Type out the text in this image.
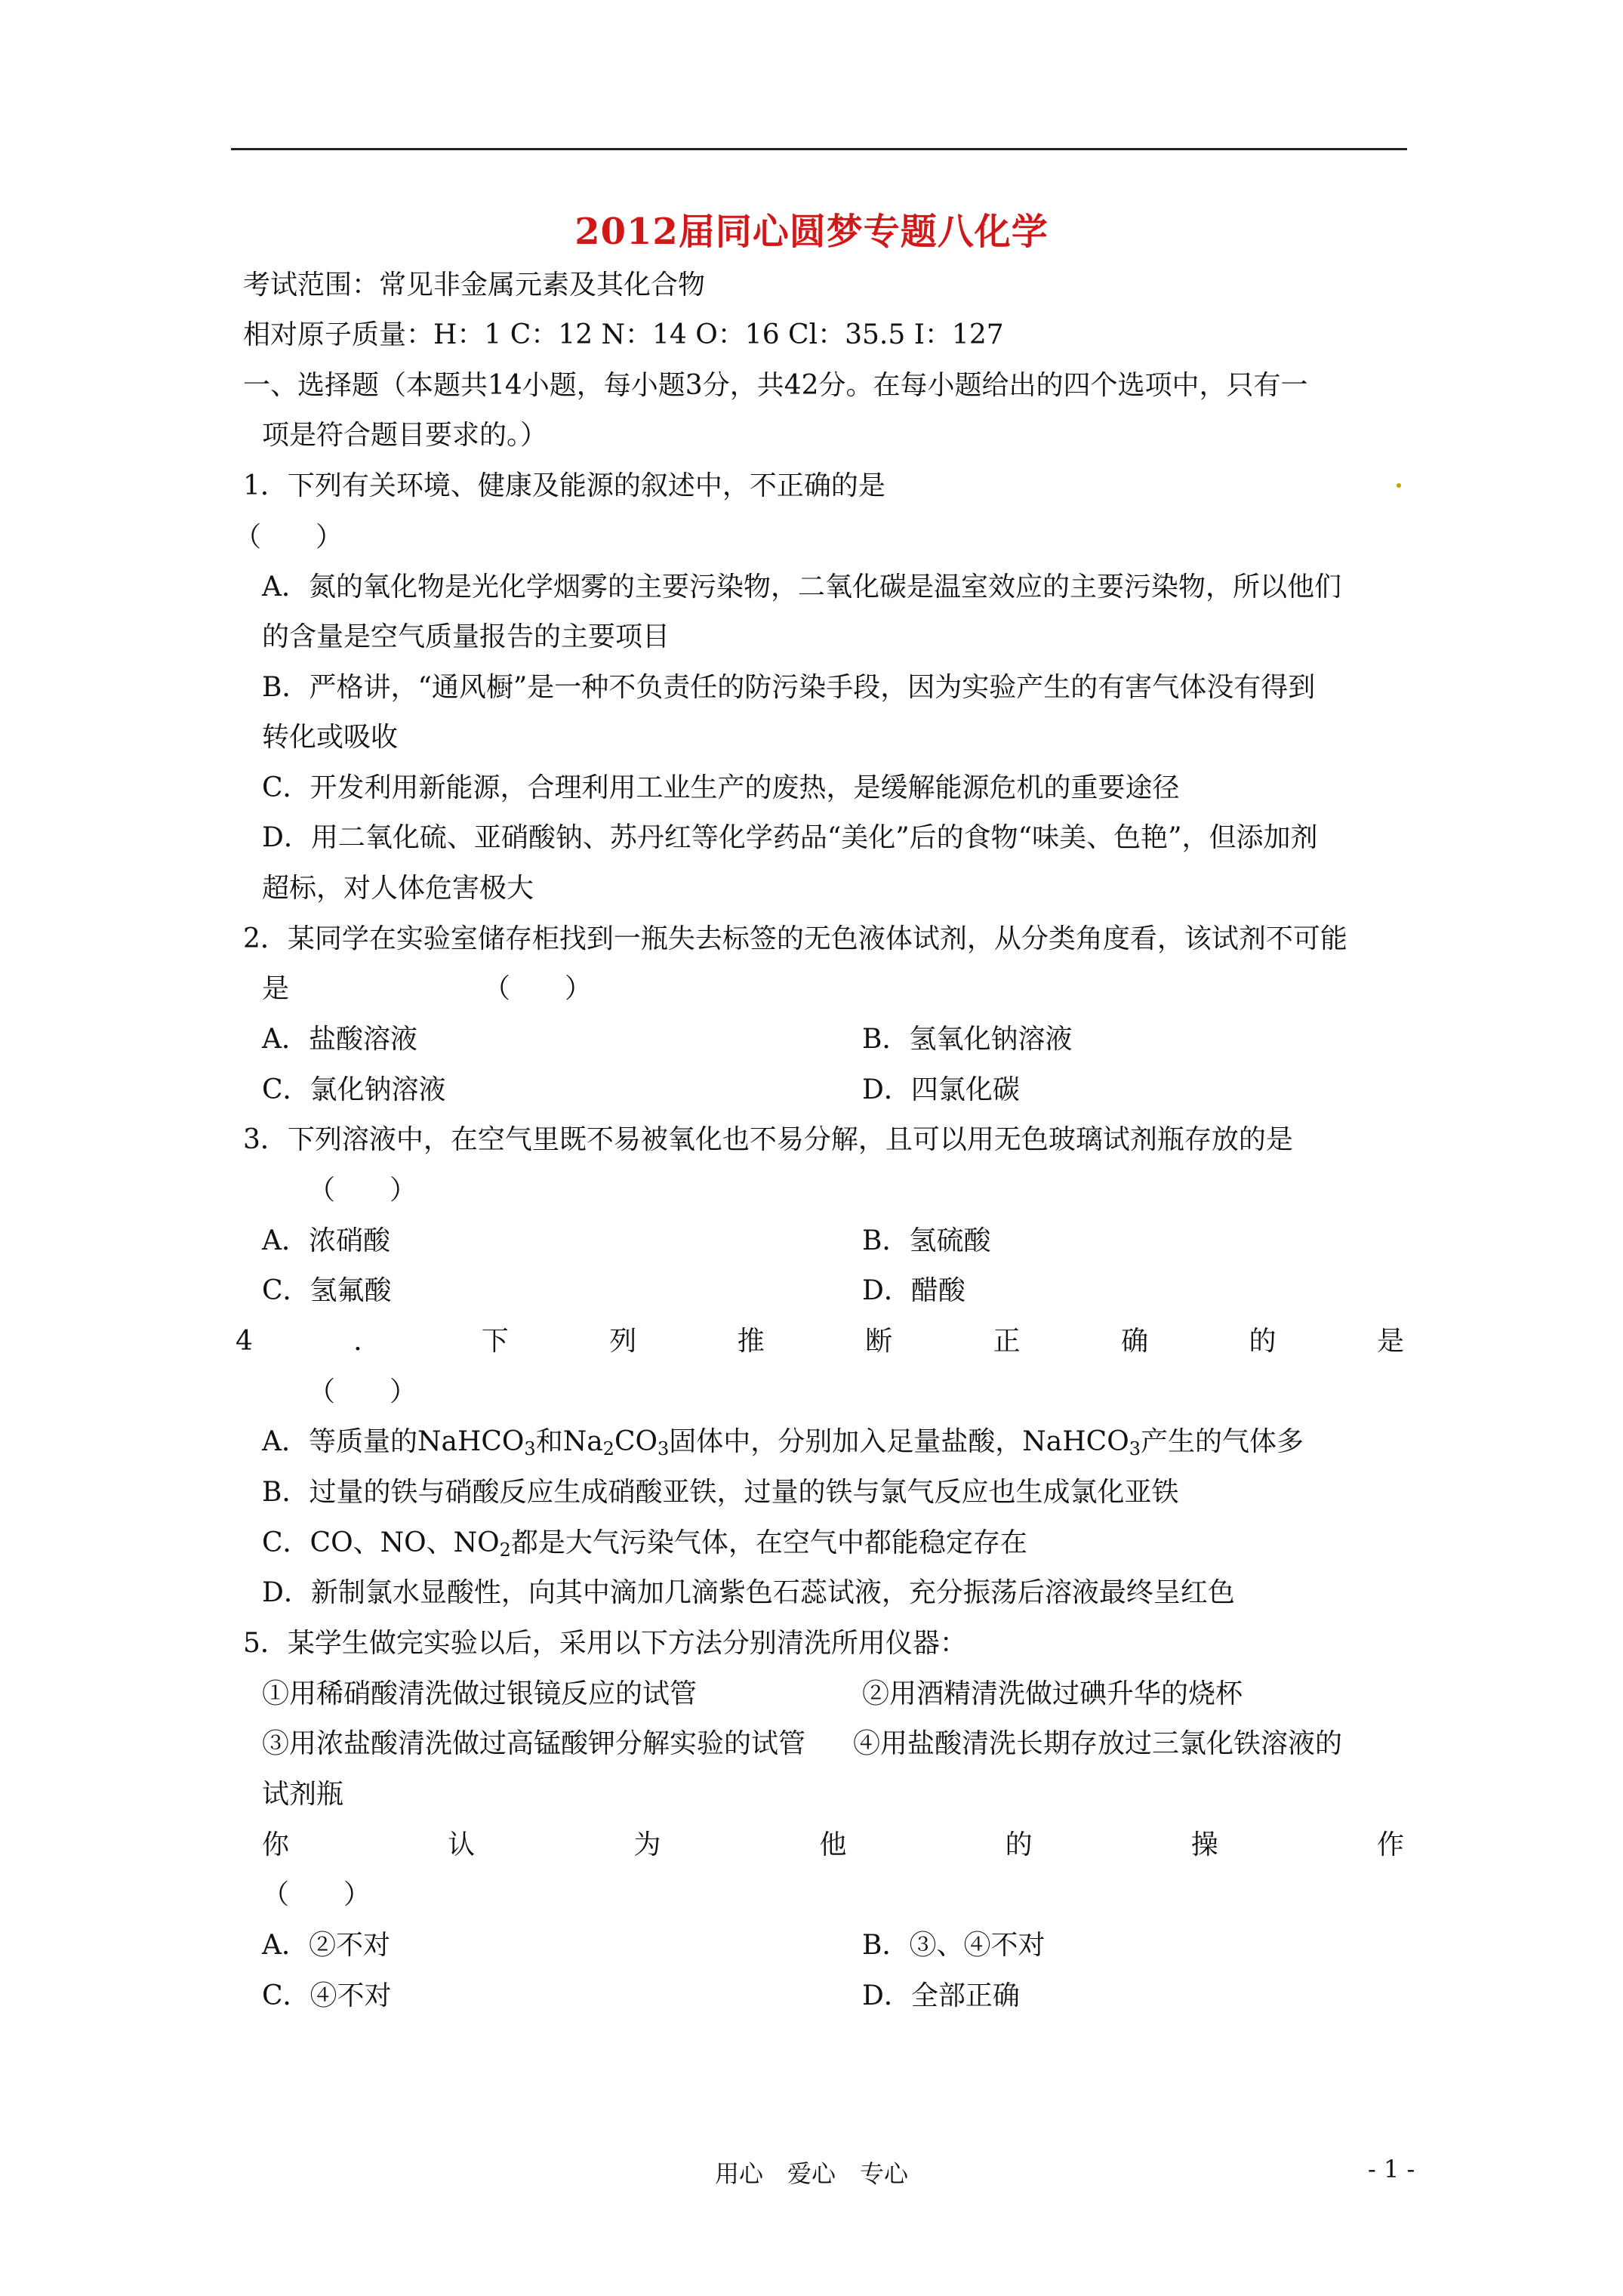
2012届同心圆梦专题八化学
考试范围：常见非金属元素及其化合物
相对原子质量：H：1 C：12 N：14 O：16 Cl：35.5 I：127
一、选择题（本题共14小题，每小题3分，共42分。在每小题给出的四个选项中，只有一
项是符合题目要求的。）
1．下列有关环境、健康及能源的叙述中，不正确的是
（　　）
A．氮的氧化物是光化学烟雾的主要污染物，二氧化碳是温室效应的主要污染物，所以他们
的含量是空气质量报告的主要项目
B．严格讲，“通风橱”是一种不负责任的防污染手段，因为实验产生的有害气体没有得到
转化或吸收
C．开发利用新能源，合理利用工业生产的废热，是缓解能源危机的重要途径
D．用二氧化硫、亚硝酸钠、苏丹红等化学药品“美化”后的食物“味美、色艳”，但添加剂
超标，对人体危害极大
2．某同学在实验室储存柜找到一瓶失去标签的无色液体试剂，从分类角度看，该试剂不可能
是	（　　）
A．盐酸溶液	B．氢氧化钠溶液
C．氯化钠溶液	D．四氯化碳
3．下列溶液中，在空气里既不易被氧化也不易分解，且可以用无色玻璃试剂瓶存放的是
（　　）
A．浓硝酸	B．氢硫酸
C．氢氟酸	D．醋酸
4	．	下	列	推	断	正	确	的	是
（　　）
A．等质量的NaHCO$_3$和$Na_2CO_3$固体中，分别加入足量盐酸，NaHCO$_3$产生的气体多
B．过量的铁与硝酸反应生成硝酸亚铁，过量的铁与氯气反应也生成氯化亚铁
C．CO、NO、$NO_2$都是大气污染气体，在空气中都能稳定存在
D．新制氯水显酸性，向其中滴加几滴紫色石蕊试液，充分振荡后溶液最终呈红色
5．某学生做完实验以后，采用以下方法分别清洗所用仪器：
①用稀硝酸清洗做过银镜反应的试管	②用酒精清洗做过碘升华的烧杯
③用浓盐酸清洗做过高锰酸钾分解实验的试管 ④用盐酸清洗长期存放过三氯化铁溶液的
试剂瓶
你	认	为	他	的	操	作
（　　）
A．②不对	B．③、④不对
C．④不对	D．全部正确
用心　爱心　专心	- 1 -
